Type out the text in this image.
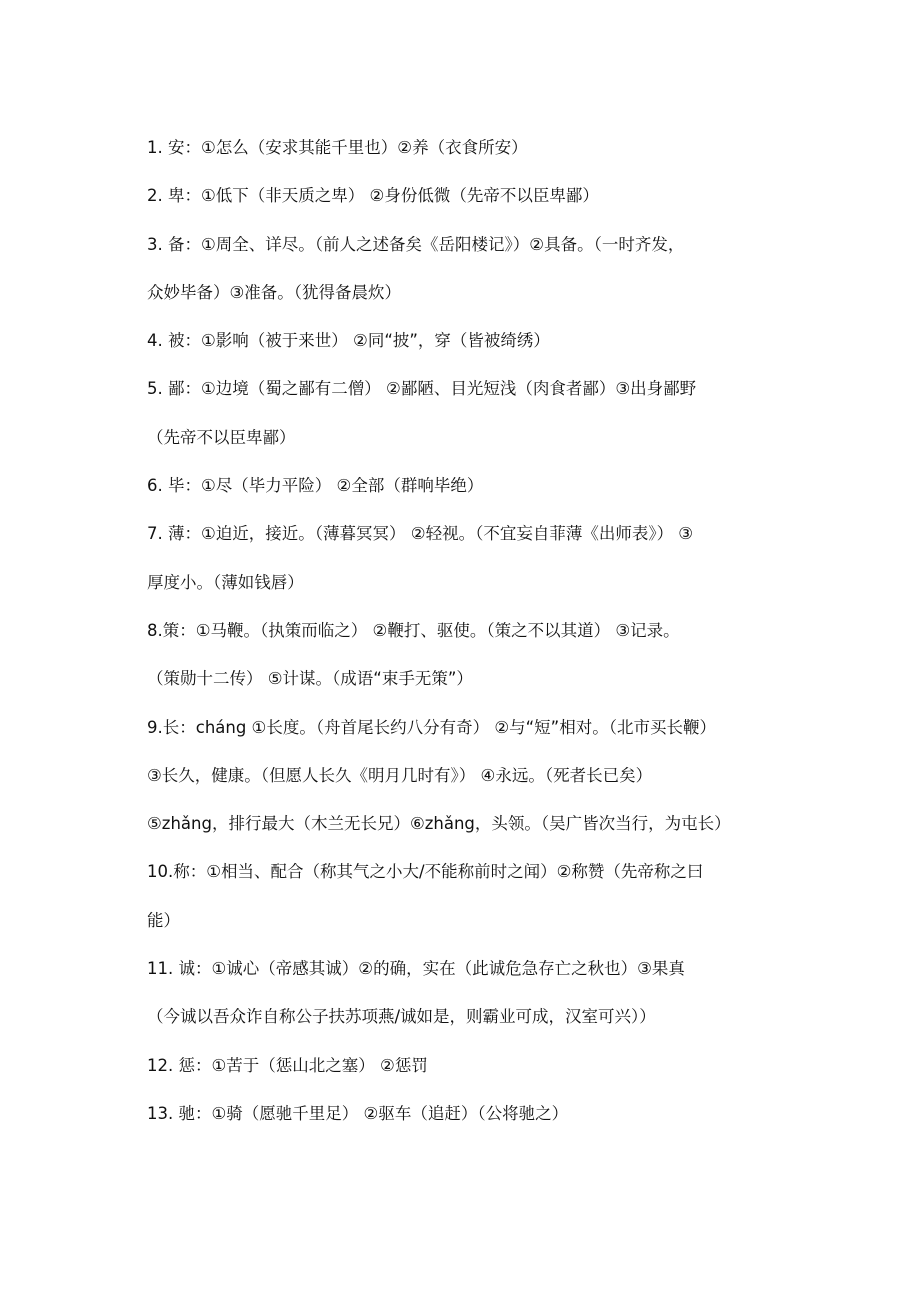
1. 安：①怎么（安求其能千里也）②养（衣食所安）

2. 卑：①低下（非天质之卑） ②身份低微（先帝不以臣卑鄙）

3. 备：①周全、详尽。（前人之述备矣《岳阳楼记》）②具备。（一时齐发，

众妙毕备）③准备。（犹得备晨炊）

4. 被：①影响（被于来世） ②同“披”，穿（皆被绮绣）

5. 鄙：①边境（蜀之鄙有二僧） ②鄙陋、目光短浅（肉食者鄙）③出身鄙野

（先帝不以臣卑鄙）

6. 毕：①尽（毕力平险） ②全部（群响毕绝）

7. 薄：①迫近，接近。（薄暮冥冥） ②轻视。（不宜妄自菲薄《出师表》） ③

厚度小。（薄如钱唇）

8.策：①马鞭。（执策而临之） ②鞭打、驱使。（策之不以其道） ③记录。

（策勋十二传） ⑤计谋。（成语“束手无策”）

9.长：cháng ①长度。（舟首尾长约八分有奇） ②与“短”相对。（北市买长鞭）

③长久，健康。（但愿人长久《明月几时有》） ④永远。（死者长已矣）

⑤zhǎng，排行最大（木兰无长兄）⑥zhǎng，头领。（吴广皆次当行，为屯长）

10.称：①相当、配合（称其气之小大/不能称前时之闻）②称赞（先帝称之曰

能）

11. 诚：①诚心（帝感其诚）②的确，实在（此诚危急存亡之秋也）③果真

（今诚以吾众诈自称公子扶苏项燕/诚如是，则霸业可成，汉室可兴））

12. 惩：①苦于（惩山北之塞） ②惩罚

13. 驰：①骑（愿驰千里足） ②驱车（追赶）（公将驰之）
